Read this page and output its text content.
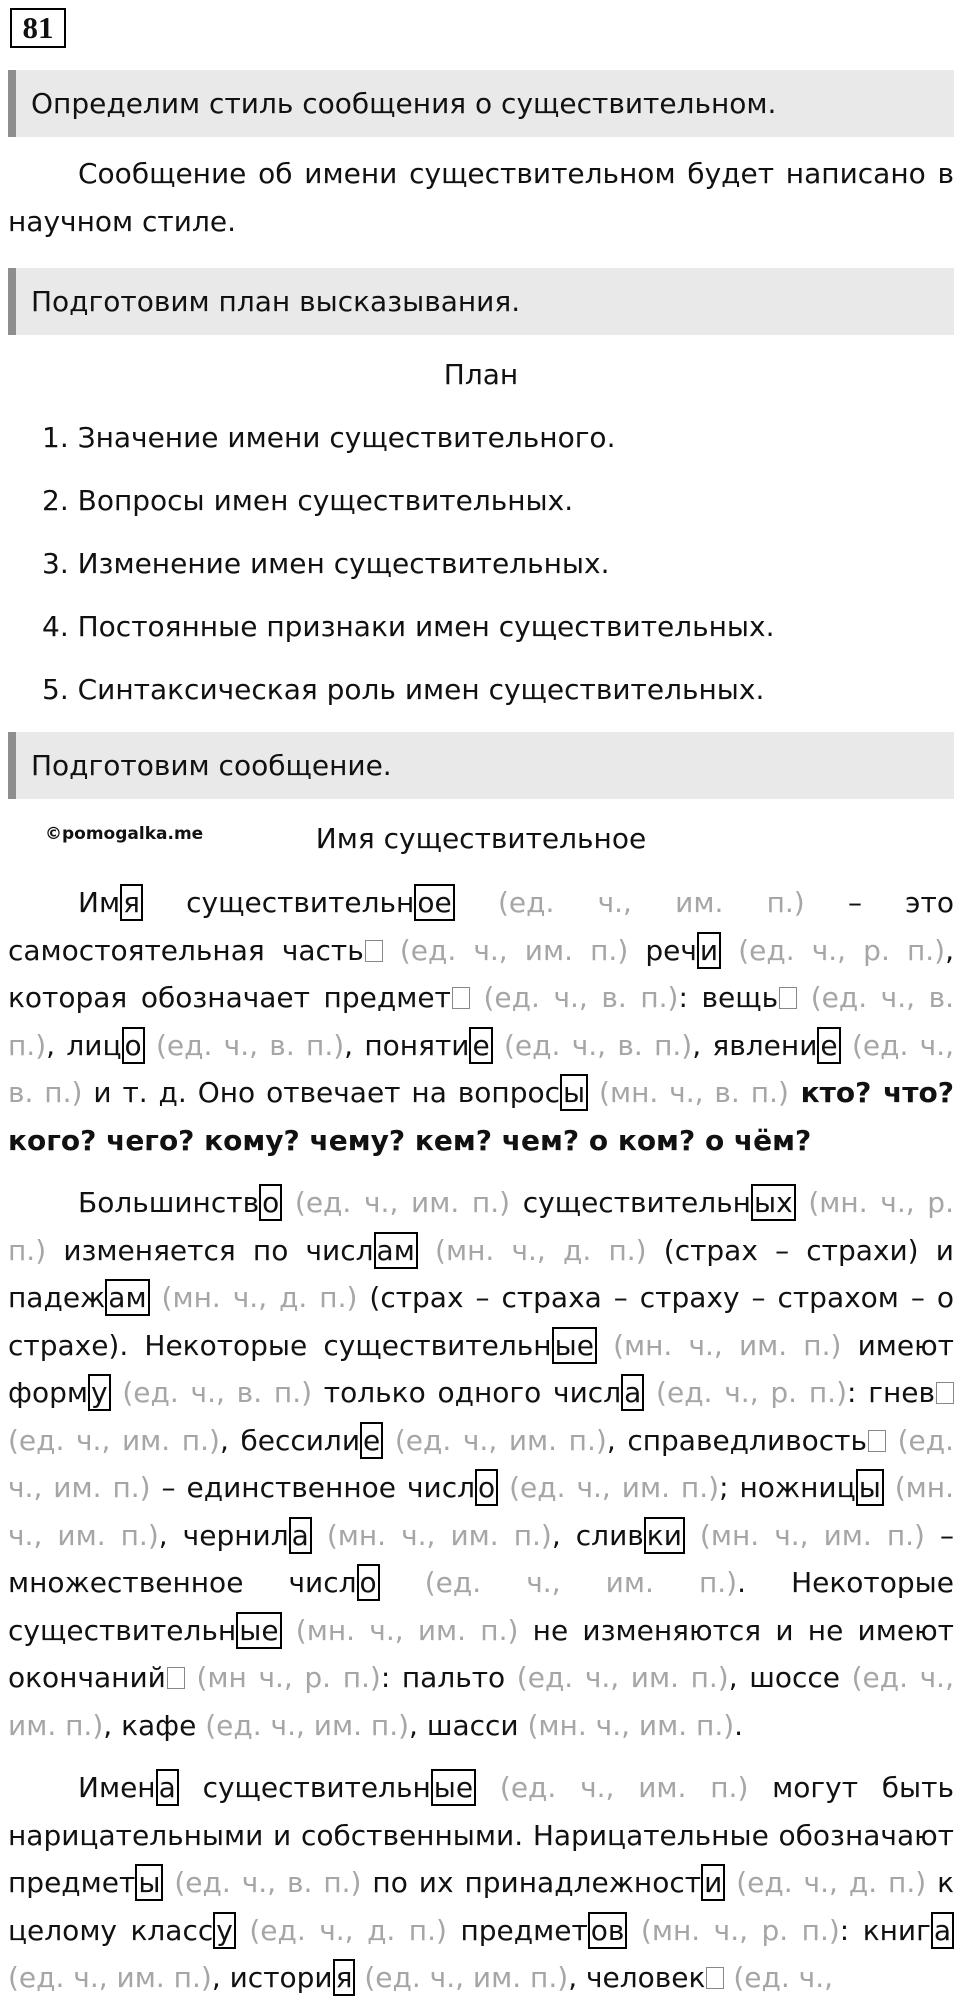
81
Определим стиль сообщения о существительном.

Сообщение об имени существительном будет написано в научном стиле.

Подготовим план высказывания.
План
1. Значение имени существительного.
2. Вопросы имен существительных.
3. Изменение имен существительных.
4. Постоянные признаки имен существительных.
5. Синтаксическая роль имен существительных.
Подготовим сообщение.
©pomogalka.me	Имя существительное

Им я существительн ое (ед. ч., им. п.) – это самостоятельная часть (ед. ч., им. п.) реч и (ед. ч., р. п.), которая обозначает предмет (ед. ч., в. п.): вещь (ед. ч., в. п.), лиц о (ед. ч., в. п.), поняти е (ед. ч., в. п.), явлени е (ед. ч., в. п.) и т. д. Оно отвечает на вопрос ы (мн. ч., в. п.) кто? что? кого? чего? кому? чему? кем? чем? о ком? о чём?

Большинств о (ед. ч., им. п.) существительн ых (мн. ч., р. п.) изменяется по числ ам (мн. ч., д. п.) (страх – страхи) и падеж ам (мн. ч., д. п.) (страх – страха – страху – страхом – о страхе). Некоторые существительн ые (мн. ч., им. п.) имеют форм у (ед. ч., в. п.) только одного числ а (ед. ч., р. п.): гнев (ед. ч., им. п.), бессили е (ед. ч., им. п.), справедливость (ед. ч., им. п.) – единственное числ о (ед. ч., им. п.); ножниц ы (мн. ч., им. п.), чернил а (мн. ч., им. п.), слив ки (мн. ч., им. п.) – множественное числ о (ед. ч., им. п.). Некоторые существительн ые (мн. ч., им. п.) не изменяются и не имеют окончаний (мн ч., р. п.): пальто (ед. ч., им. п.), шоссе (ед. ч., им. п.), кафе (ед. ч., им. п.), шасси (мн. ч., им. п.).

Имен а существительн ые (ед. ч., им. п.) могут быть нарицательными и собственными. Нарицательные обозначают предмет ы (ед. ч., в. п.) по их принадлежност и (ед. ч., д. п.) к целому класс у (ед. ч., д. п.) предмет ов (мн. ч., р. п.): книг а (ед. ч., им. п.), истори я (ед. ч., им. п.), человек (ед. ч.,
